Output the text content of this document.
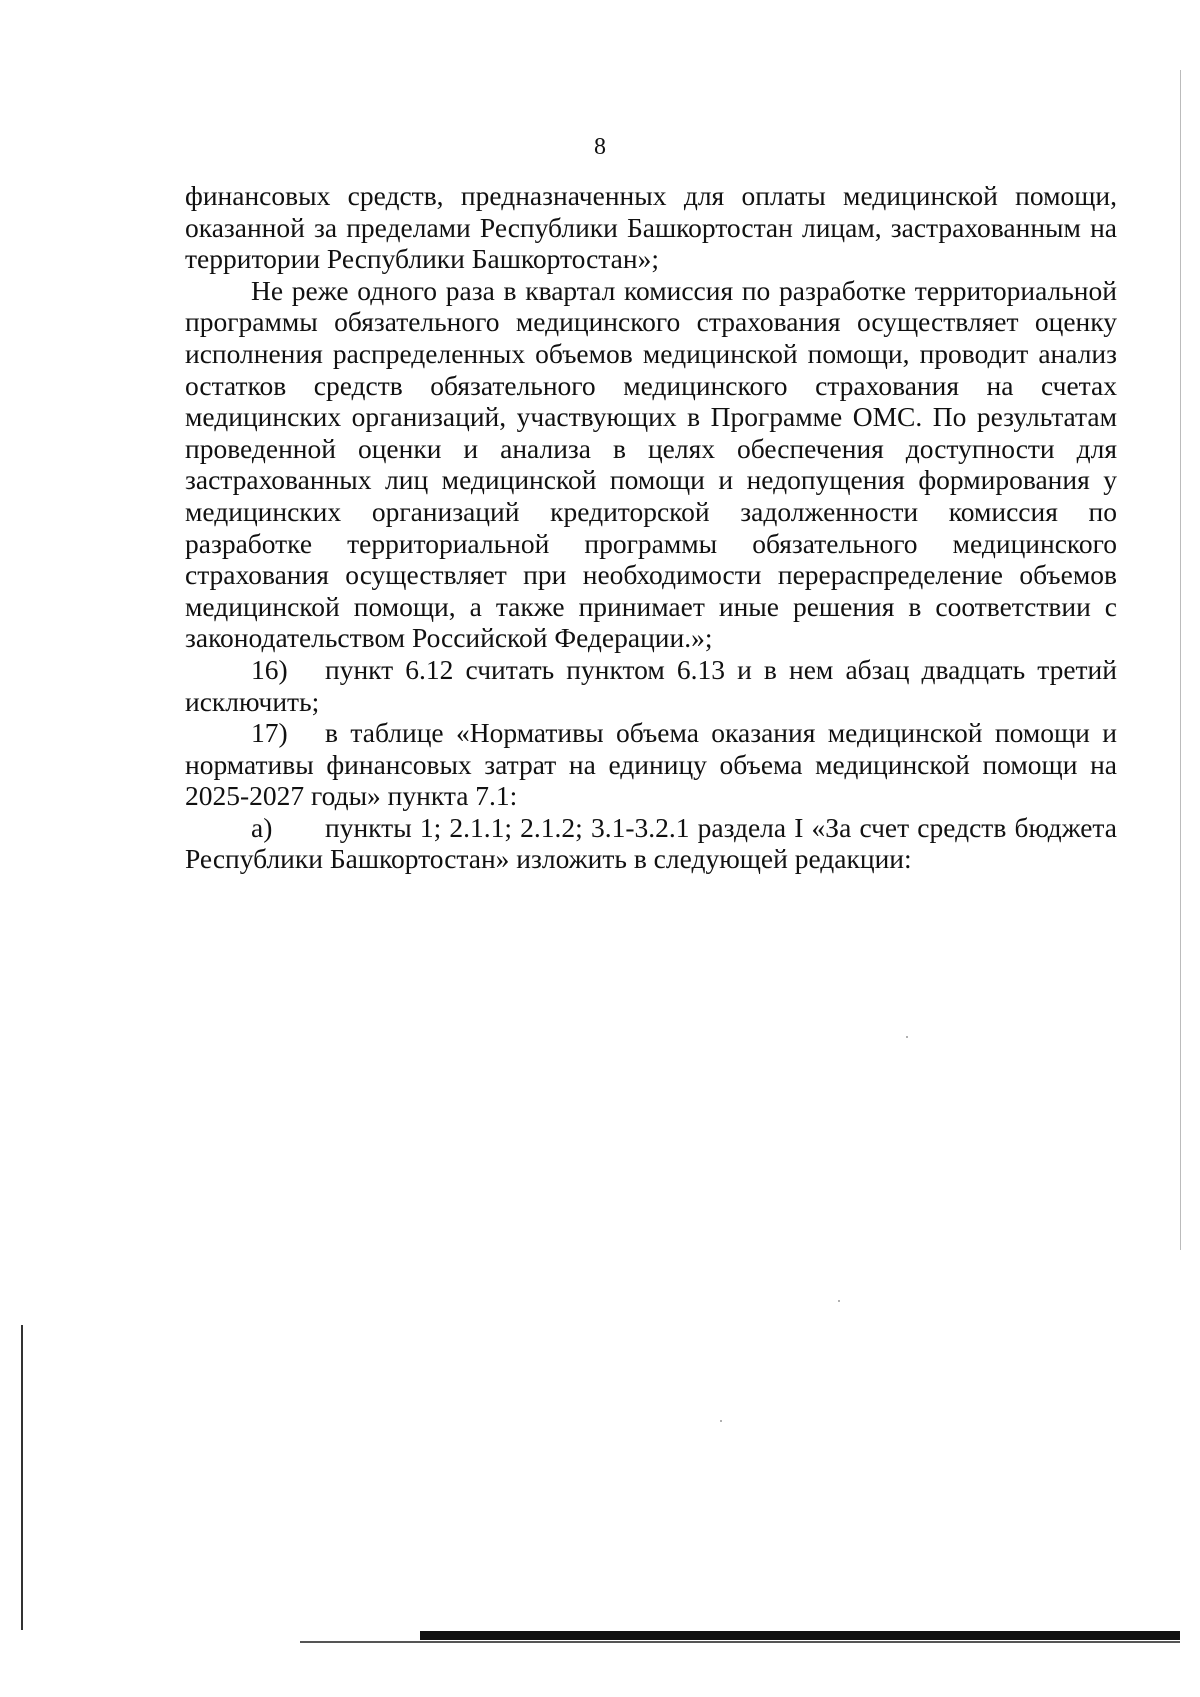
8

финансовых средств, предназначенных для оплаты медицинской помощи, оказанной за пределами Республики Башкортостан лицам, застрахованным на территории Республики Башкортостан»;

Не реже одного раза в квартал комиссия по разработке территориальной программы обязательного медицинского страхования осуществляет оценку исполнения распределенных объемов медицинской помощи, проводит анализ остатков средств обязательного медицинского страхования на счетах медицинских организаций, участвующих в Программе ОМС. По результатам проведенной оценки и анализа в целях обеспечения доступности для застрахованных лиц медицинской помощи и недопущения формирования у медицинских организаций кредиторской задолженности комиссия по разработке территориальной программы обязательного медицинского страхования осуществляет при необходимости перераспределение объемов медицинской помощи, а также принимает иные решения в соответствии с законодательством Российской Федерации.»;

16) пункт 6.12 считать пунктом 6.13 и в нем абзац двадцать третий исключить;

17) в таблице «Нормативы объема оказания медицинской помощи и нормативы финансовых затрат на единицу объема медицинской помощи на 2025-2027 годы» пункта 7.1:

а) пункты 1; 2.1.1; 2.1.2; 3.1-3.2.1 раздела I «За счет средств бюджета Республики Башкортостан» изложить в следующей редакции:
